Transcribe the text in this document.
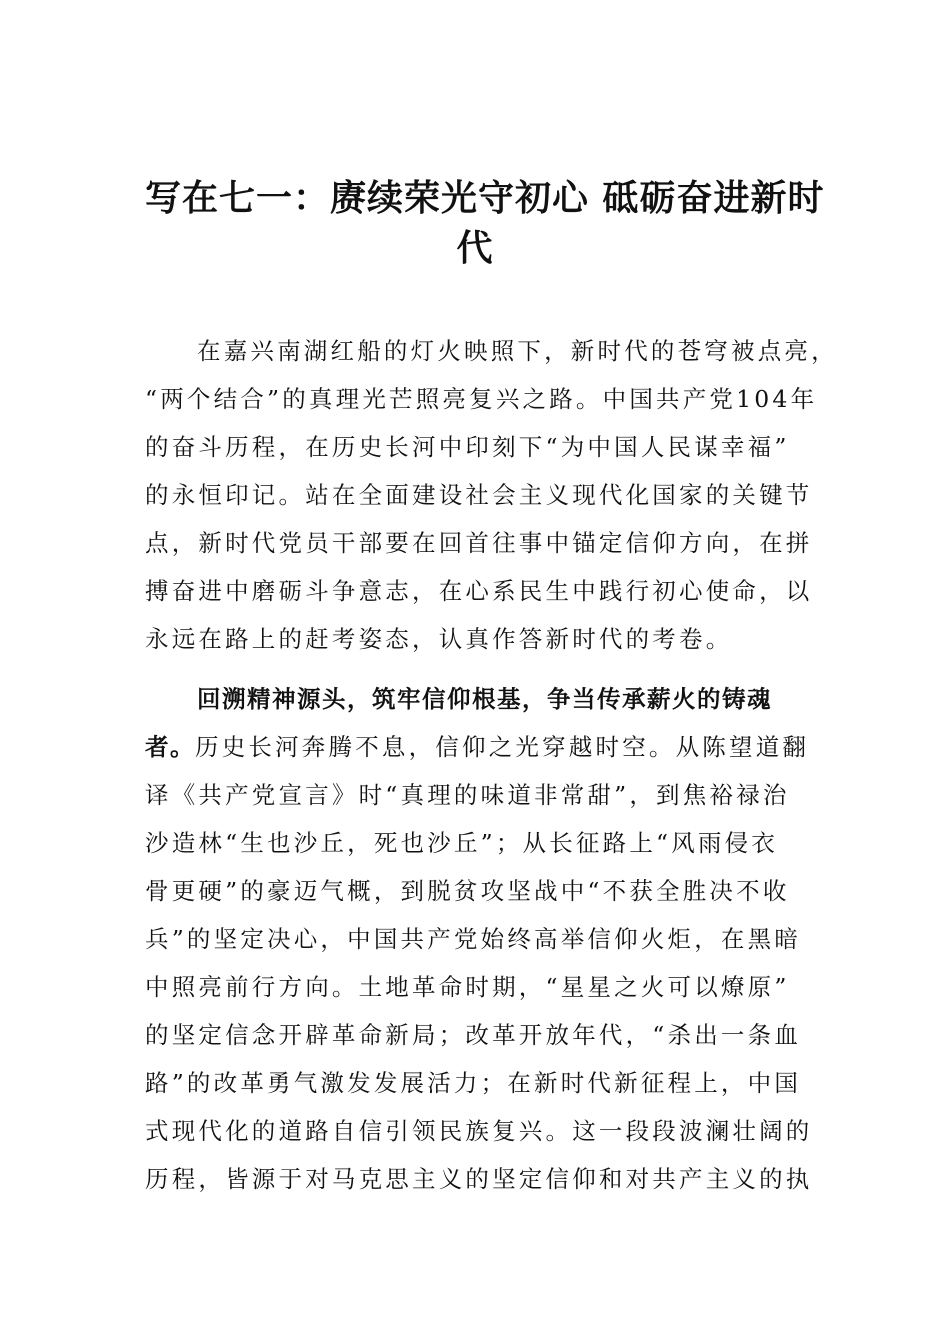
写在七一：赓续荣光守初心 砥砺奋进新时
代
在嘉兴南湖红船的灯火映照下，新时代的苍穹被点亮，
“两个结合”的真理光芒照亮复兴之路。中国共产党104年
的奋斗历程，在历史长河中印刻下“为中国人民谋幸福”
的永恒印记。站在全面建设社会主义现代化国家的关键节
点，新时代党员干部要在回首往事中锚定信仰方向，在拼
搏奋进中磨砺斗争意志，在心系民生中践行初心使命，以
永远在路上的赶考姿态，认真作答新时代的考卷。
回溯精神源头，筑牢信仰根基，争当传承薪火的铸魂
者。历史长河奔腾不息，信仰之光穿越时空。从陈望道翻
译《共产党宣言》时“真理的味道非常甜”，到焦裕禄治
沙造林“生也沙丘，死也沙丘”；从长征路上“风雨侵衣
骨更硬”的豪迈气概，到脱贫攻坚战中“不获全胜决不收
兵”的坚定决心，中国共产党始终高举信仰火炬，在黑暗
中照亮前行方向。土地革命时期，“星星之火可以燎原”
的坚定信念开辟革命新局；改革开放年代，“杀出一条血
路”的改革勇气激发发展活力；在新时代新征程上，中国
式现代化的道路自信引领民族复兴。这一段段波澜壮阔的
历程，皆源于对马克思主义的坚定信仰和对共产主义的执
